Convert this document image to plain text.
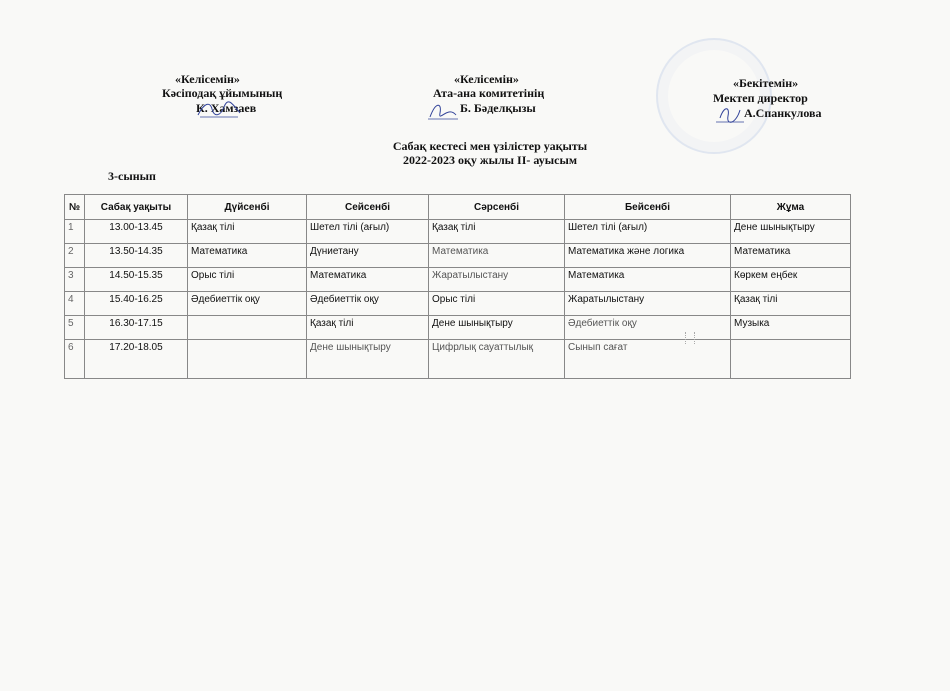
«Келісемін»
Кәсіподақ ұйымының
К. Хамзаев
«Келісемін»
Ата-ана комитетінің
Б. Бәделқызы
«Бекітемін»
Мектеп директор
А.Спанкулова
Сабақ кестесі мен үзілістер уақыты
2022-2023 оқу жылы ІІ- ауысым
3-сынып
№	Сабақ уақыты	Дүйсенбі	Сейсенбі	Сәрсенбі	Бейсенбі	Жұма
1	13.00-13.45	Қазақ тілі	Шетел тілі (ағыл)	Қазақ тілі	Шетел тілі (ағыл)	Дене шынықтыру
2	13.50-14.35	Математика	Дүниетану	Математика	Математика және логика	Математика
3	14.50-15.35	Орыс тілі	Математика	Жаратылыстану	Математика	Көркем еңбек
4	15.40-16.25	Әдебиеттік оқу	Әдебиеттік оқу	Орыс тілі	Жаратылыстану	Қазақ тілі
5	16.30-17.15		Қазақ тілі	Дене шынықтыру	Әдебиеттік оқу	Музыка
6	17.20-18.05		Дене шынықтыру	Цифрлық сауаттылық	Сынып сағат	
